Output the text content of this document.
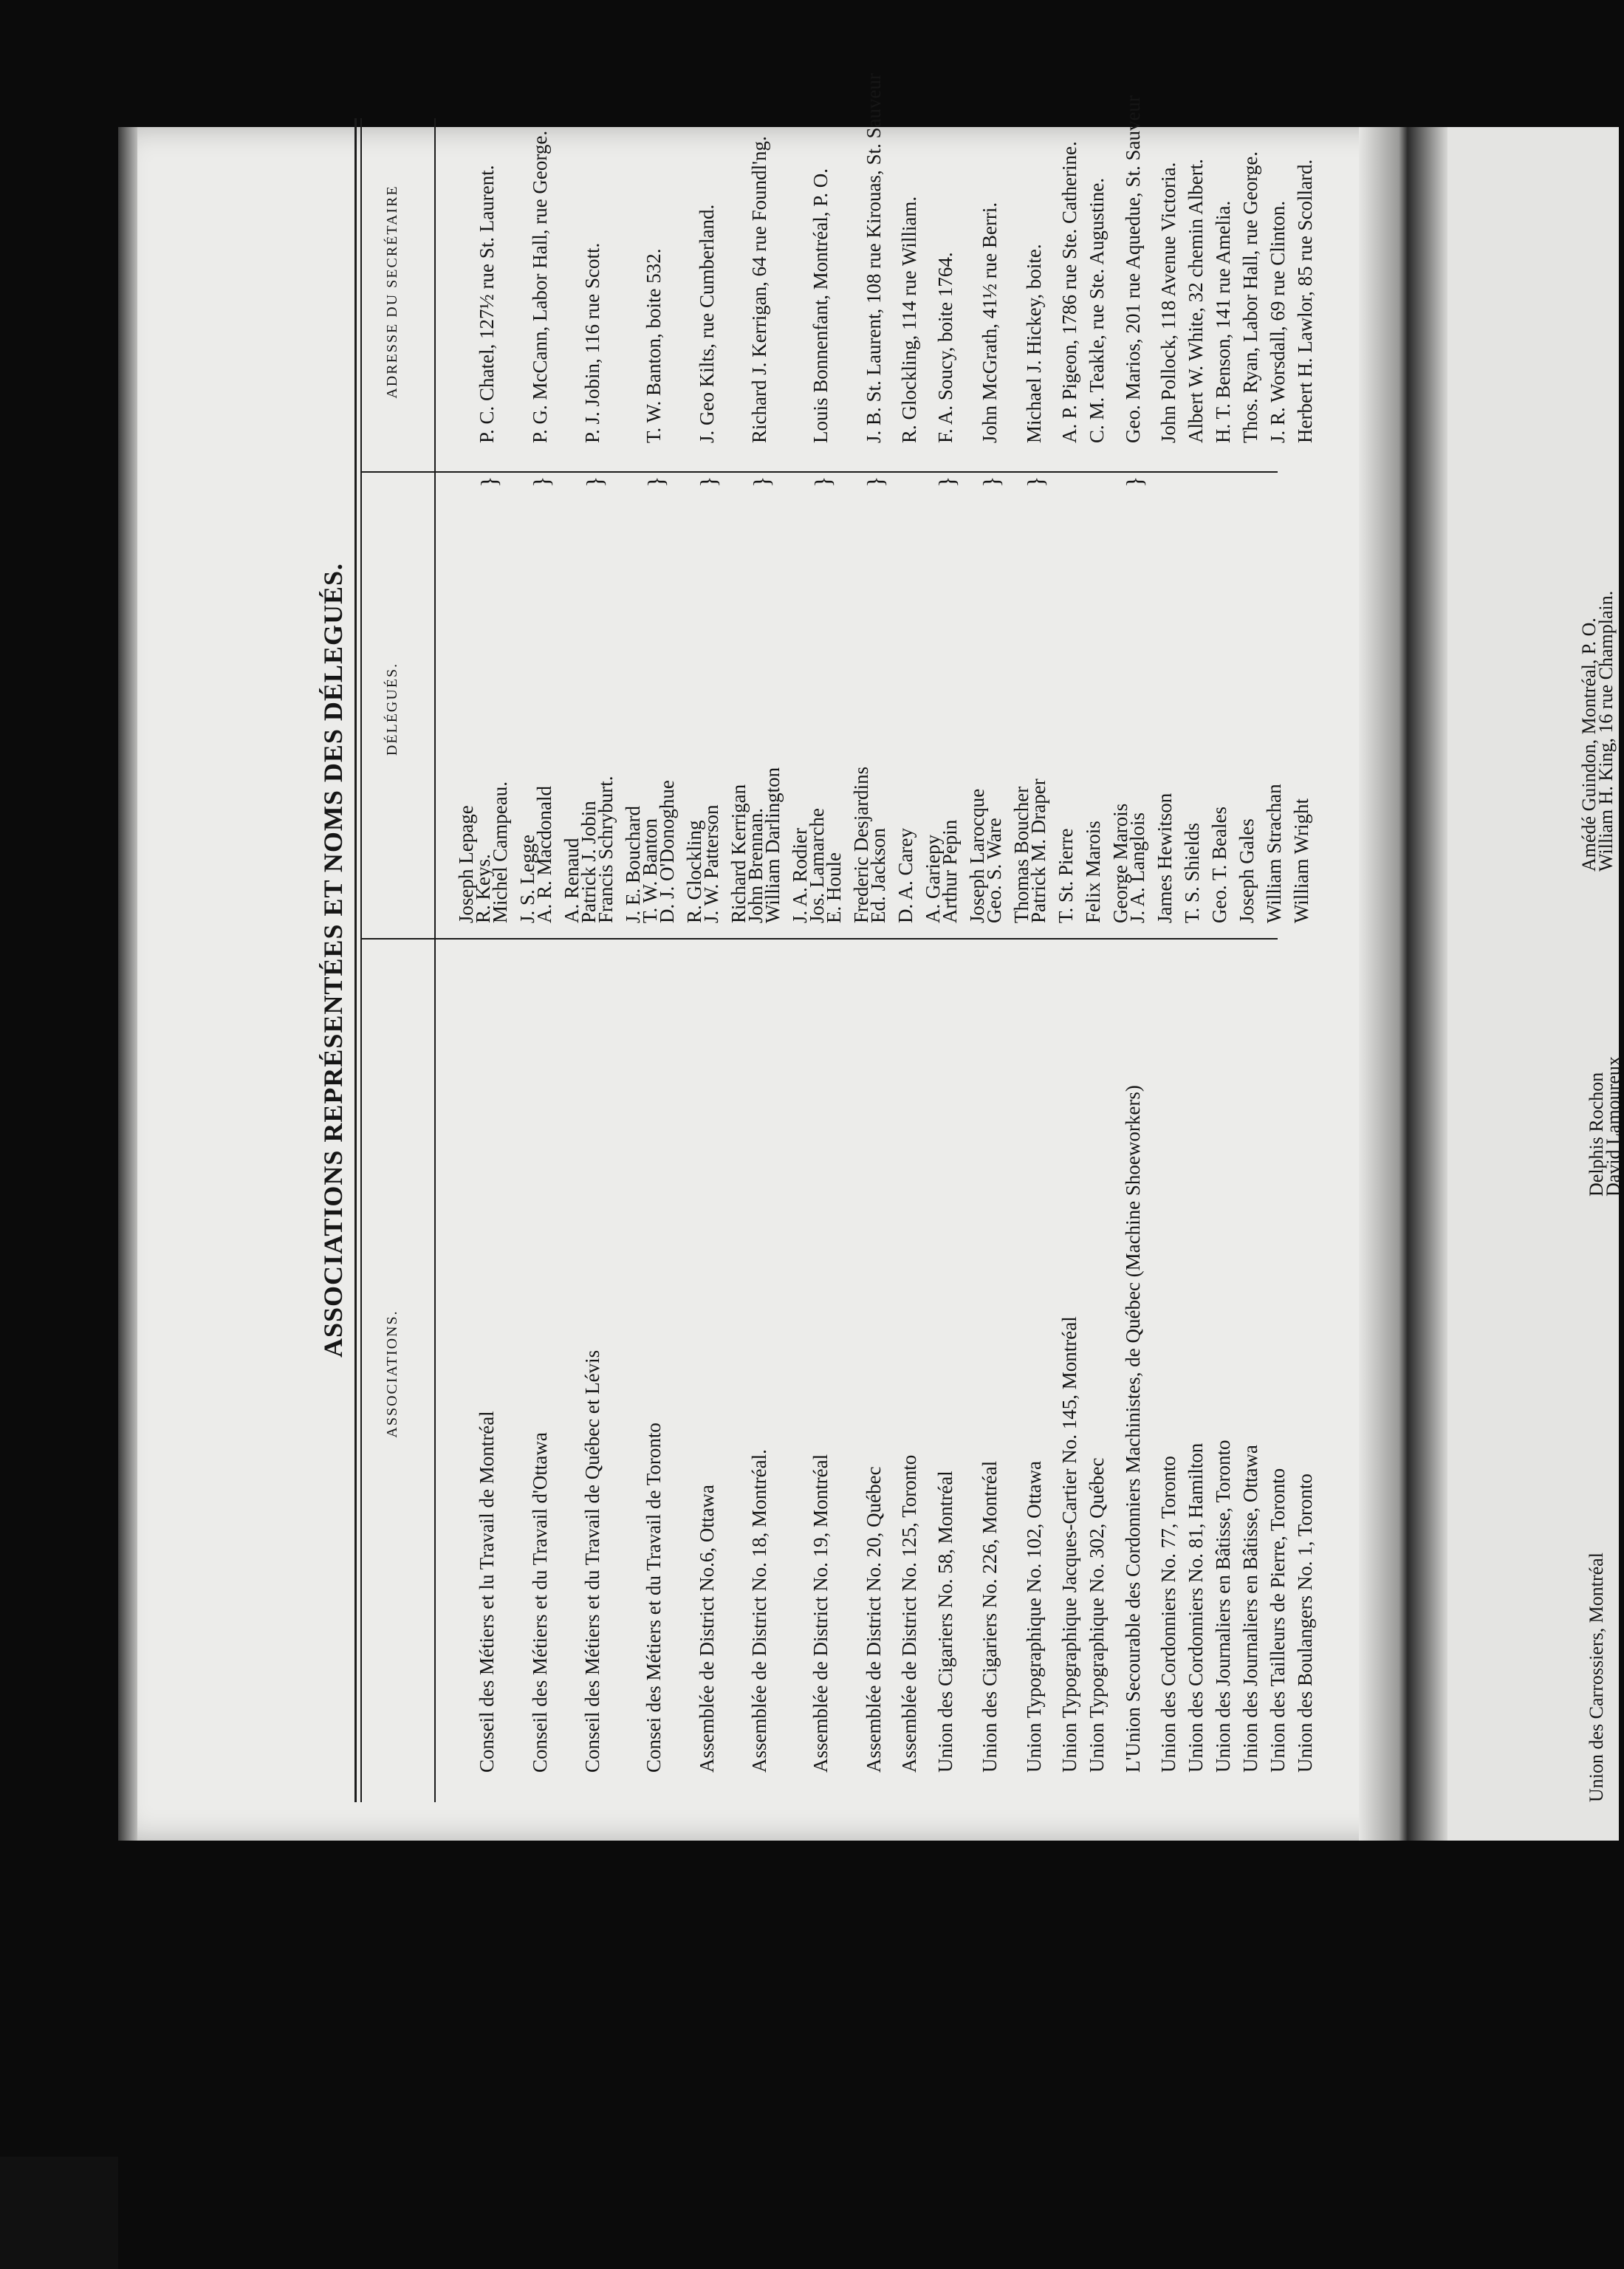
ASSOCIATIONS REPRÉSENTÉES ET NOMS DES DÉLEGUÉS.
ASSOCIATIONS.
DÉLÉGUÉS.
ADRESSE DU SECRÉTAIRE
Conseil des Métiers et lu Travail de Montréal
Joseph Lepage
R. Keys.
Michel Campeau.
}
P. C. Chatel, 127½ rue St. Laurent.
Conseil des Métiers et du Travail d'Ottawa
J. S. Legge
A. R. Macdonald
}
P. G. McCann, Labor Hall, rue George.
Conseil des Métiers et du Travail de Québec et Lévis
A. Renaud
Patrick J. Jobin
Francis Schryburt.
}
P. J. Jobin, 116 rue Scott.
Consei des Métiers et du Travail de Toronto
J. E. Bouchard
T. W. Banton
D. J. O'Donoghue
}
T. W. Banton, boite 532.
Assemblée de District No.6, Ottawa
R. Glockling
J. W. Patterson
}
J. Geo Kilts, rue Cumberland.
Assemblée de District No. 18, Montréal.
Richard Kerrigan
John Brennan.
William Darlington
}
Richard J. Kerrigan, 64 rue Foundl'ng.
Assemblée de District No. 19, Montréal
J. A. Rodier
Jos. Lamarche
E. Houle
}
Louis Bonnenfant, Montréal, P. O.
Assemblée de District No. 20, Québec
Frederic Desjardins
Ed. Jackson
}
J. B. St. Laurent, 108 rue Kirouas, St. Sauveur
Assemblée de District No. 125, Toronto
D. A. Carey
R. Glockling, 114 rue William.
Union des Cigariers No. 58, Montréal
A. Gariepy
Arthur Pepin
}
F. A. Soucy, boite 1764.
Union des Cigariers No. 226, Montréal
Joseph Larocque
Geo. S. Ware
}
John McGrath, 41½ rue Berri.
Union Typographique No. 102, Ottawa
Thomas Boucher
Patrick M. Draper
}
Michael J. Hickey, boite.
Union Typographique Jacques-Cartier No. 145, Montréal
T. St. Pierre
A. P. Pigeon, 1786 rue Ste. Catherine.
Union Typographique No. 302, Québec
Felix Marois
C. M. Teakle, rue Ste. Augustine.
L'Union Secourable des Cordonniers Machinistes, de Québec (Machine Shoeworkers)
George Marois
J. A. Langlois
}
Geo. Marios, 201 rue Aquedue, St. Sauveur
Union des Cordonniers No. 77, Toronto
James Hewitson
John Pollock, 118 Avenue Victoria.
Union des Cordonniers No. 81, Hamilton
T. S. Shields
Albert W. White, 32 chemin Albert.
Union des Journaliers en Bâtisse, Toronto
Geo. T. Beales
H. T. Benson, 141 rue Amelia.
Union des Journaliers en Bâtisse, Ottawa
Joseph Gales
Thos. Ryan, Labor Hall, rue George.
Union des Tailleurs de Pierre, Toronto
William Strachan
J. R. Worsdall, 69 rue Clinton.
Union des Boulangers No. 1, Toronto
William Wright
Herbert H. Lawlor, 85 rue Scollard.
Union des Carrossiers, Montréal
Delphis Rochon
David Lamoureux
Amédé Guindon, Montréal, P. O.
William H. King, 16 rue Champlain.
